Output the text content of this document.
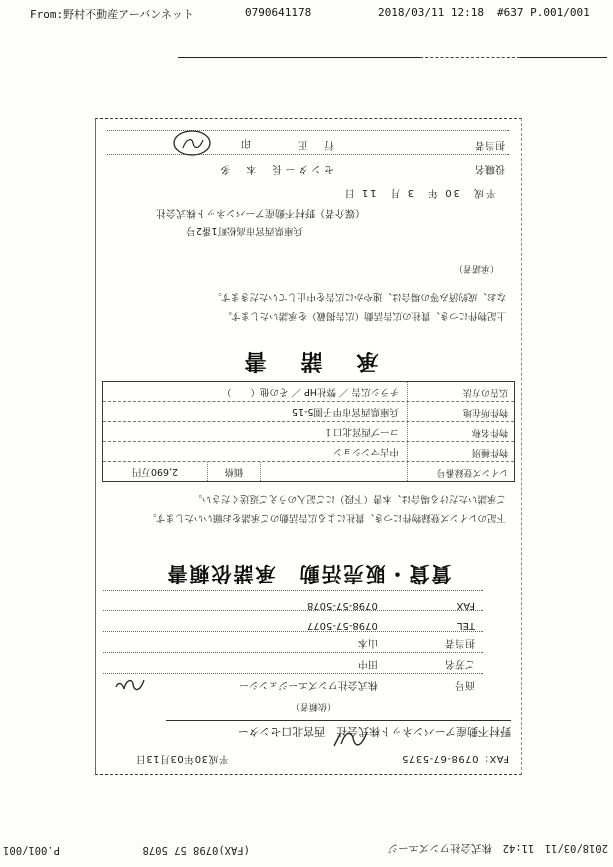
From:野村不動産アーバンネット	0790641178	2018/03/11 12:18 #637 P.001/001
FAX：0798-67-5375
平成30年03月13日
野村不動産アーバンネット株式会社　西宮北口センター
（依頼者）
商号 株式会社ワンズエージェンシー
ご芳名 田中
担当者 山本
TEL 0798-57-5077
FAX 0798-57-5078
賃貸・販売活動　承諾依頼書
下記のレインズ登録物件につき、貴社による広告活動のご承諾をお願いいたします。
ご承諾いただける場合は、本書（下段）にご記入のうえご返送ください。
レインズ登録番号
価格
2,690万円
物件種別
中古マンション
物件名称
コープ西宮北口１
物件所在地
兵庫県西宮市甲子園5-15
広告の方法
チラシ広告 ／ 弊社HP ／ その他（　　）
承　諾　書
上記物件につき、貴社の広告活動（広告掲載）を承諾いたします。
なお、成約済み等の場合は、速やかに広告を中止していただきます。
（承諾者）
兵庫県西宮市高松町1番2号
（媒介者）野村不動産アーバンネット株式会社
平成　30 年　3 月　11 日
役職名
センター長　本　多
担当者
行　正
印
2018/03/11　11:42　株式会社ワンズエージ
(FAX)0798 57 5078
P.001/001
